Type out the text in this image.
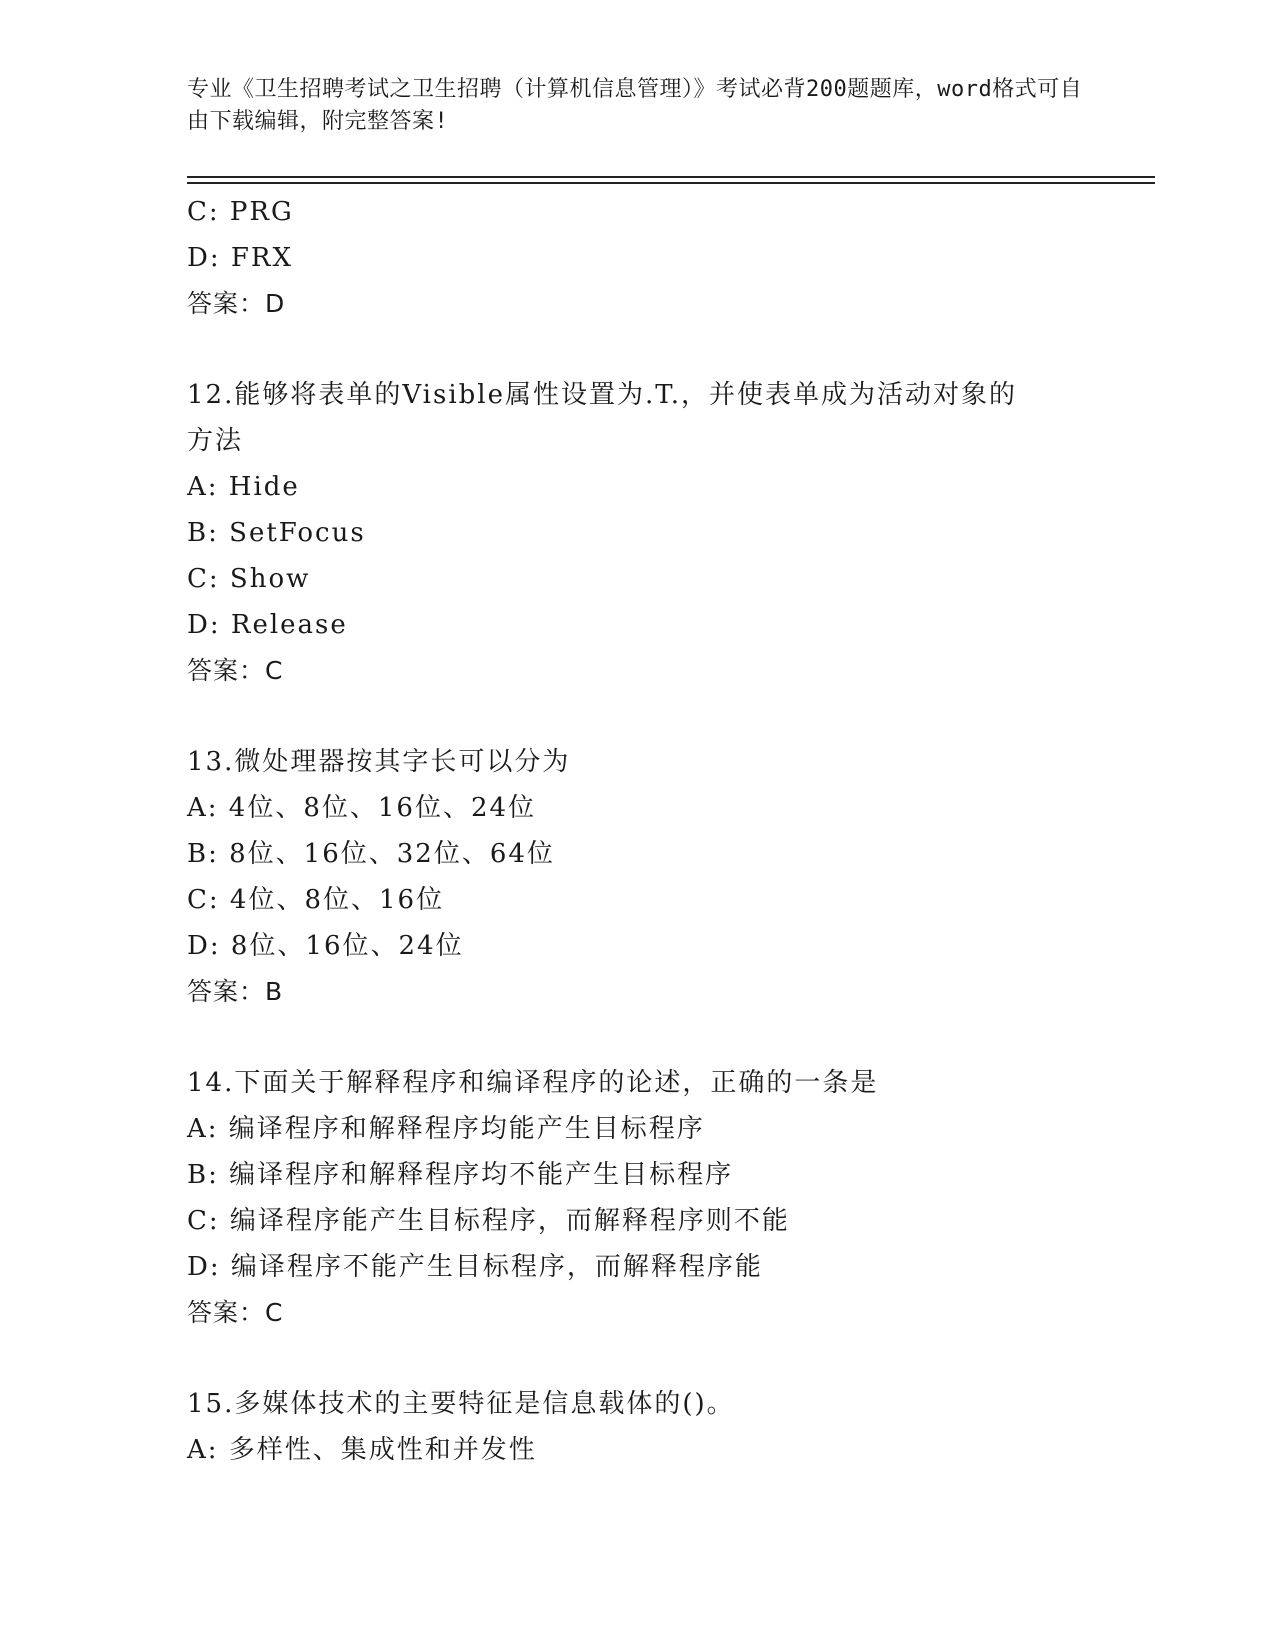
专业《卫生招聘考试之卫生招聘（计算机信息管理）》考试必背200题题库，word格式可自由下载编辑，附完整答案!
C: PRG
D: FRX
答案：D
12.能够将表单的Visible属性设置为.T.，并使表单成为活动对象的方法
A: Hide
B: SetFocus
C: Show
D: Release
答案：C
13.微处理器按其字长可以分为
A: 4位、8位、16位、24位
B: 8位、16位、32位、64位
C: 4位、8位、16位
D: 8位、16位、24位
答案：B
14.下面关于解释程序和编译程序的论述，正确的一条是
A: 编译程序和解释程序均能产生目标程序
B: 编译程序和解释程序均不能产生目标程序
C: 编译程序能产生目标程序，而解释程序则不能
D: 编译程序不能产生目标程序，而解释程序能
答案：C
15.多媒体技术的主要特征是信息载体的()。
A: 多样性、集成性和并发性
